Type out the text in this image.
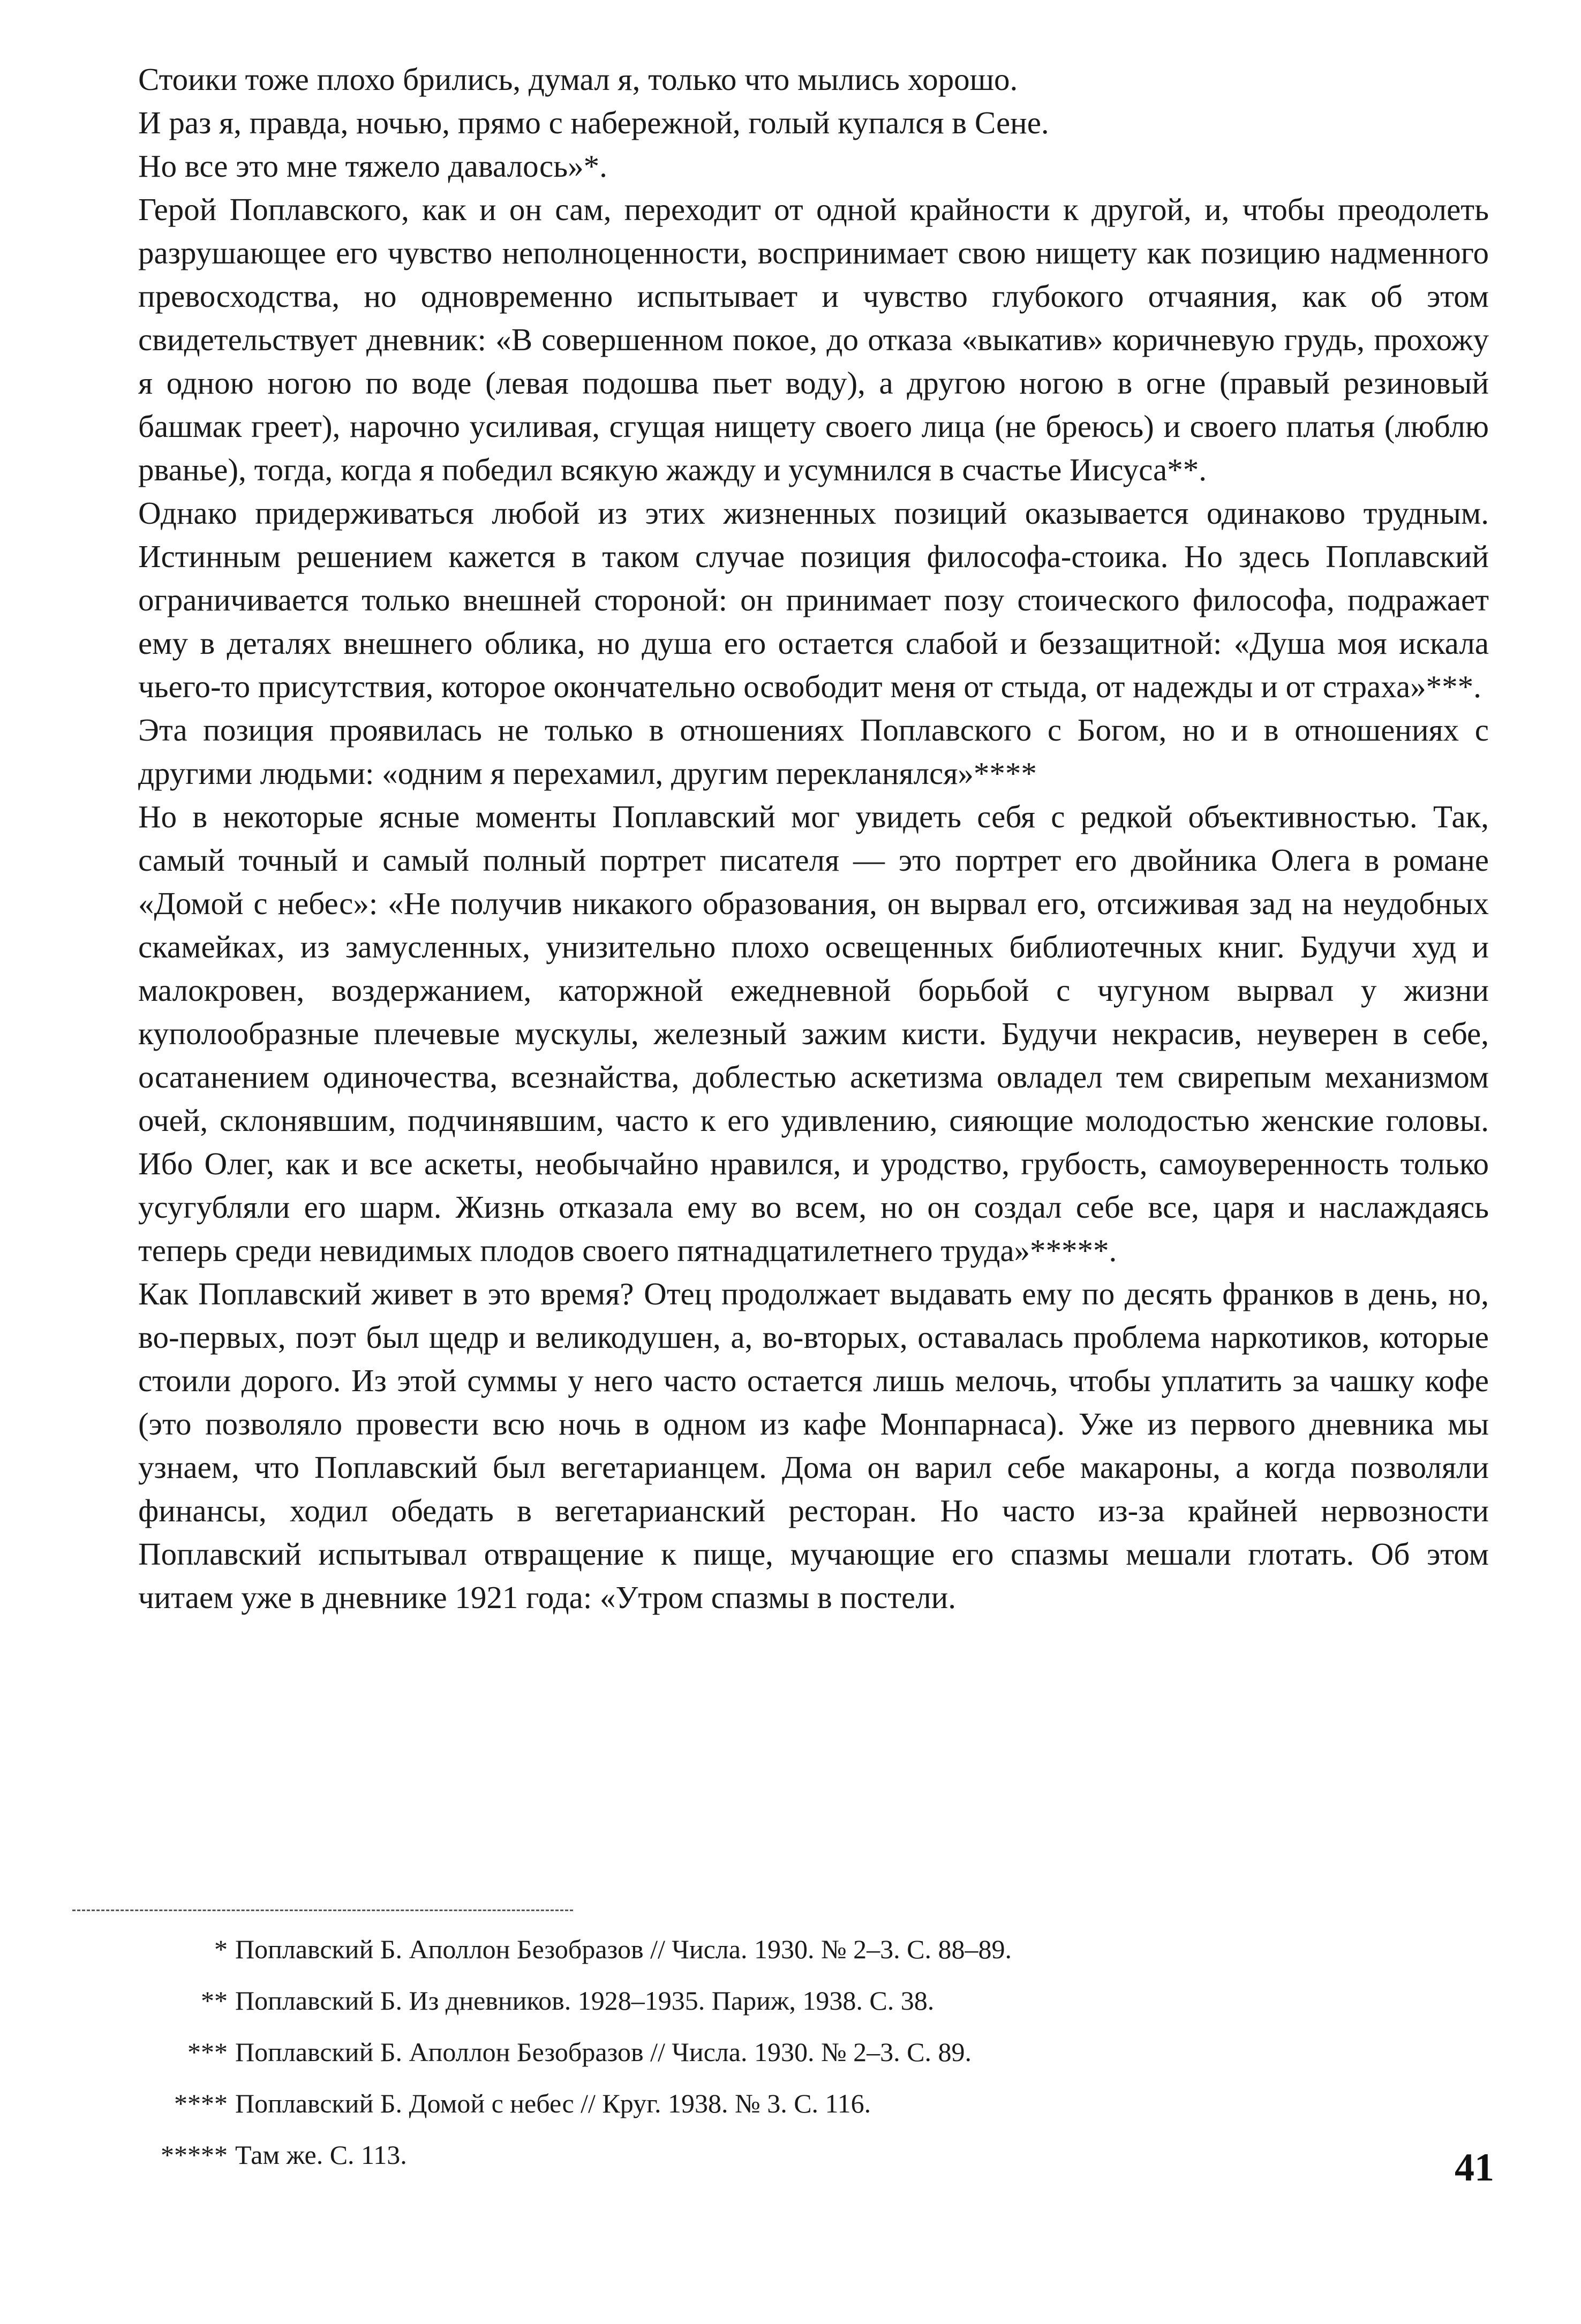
Стоики тоже плохо брились, думал я, только что мылись хорошо.

И раз я, правда, ночью, прямо с набережной, голый купался в Сене.

Но все это мне тяжело давалось»*.

Герой Поплавского, как и он сам, переходит от одной крайности к другой, и, чтобы преодолеть разрушающее его чувство неполноценности, воспринимает свою нищету как позицию надменного превосходства, но одновременно испытывает и чувство глубокого отчаяния, как об этом свидетельствует дневник: «В совершенном покое, до отказа «выкатив» коричневую грудь, прохожу я одною ногою по воде (левая подошва пьет воду), а другою ногою в огне (правый резиновый башмак греет), нарочно усиливая, сгущая нищету своего лица (не бреюсь) и своего платья (люблю рванье), тогда, когда я победил всякую жажду и усумнился в счастье Иисуса**.

Однако придерживаться любой из этих жизненных позиций оказывается одинаково трудным. Истинным решением кажется в таком случае позиция философа-стоика. Но здесь Поплавский ограничивается только внешней стороной: он принимает позу стоического философа, подражает ему в деталях внешнего облика, но душа его остается слабой и беззащитной: «Душа моя искала чьего-то присутствия, которое окончательно освободит меня от стыда, от надежды и от страха»***.

Эта позиция проявилась не только в отношениях Поплавского с Богом, но и в отношениях с другими людьми: «одним я перехамил, другим перекланялся»****

Но в некоторые ясные моменты Поплавский мог увидеть себя с редкой объективностью. Так, самый точный и самый полный портрет писателя — это портрет его двойника Олега в романе «Домой с небес»: «Не получив никакого образования, он вырвал его, отсиживая зад на неудобных скамейках, из замусленных, унизительно плохо освещенных библиотечных книг. Будучи худ и малокровен, воздержанием, каторжной ежедневной борьбой с чугуном вырвал у жизни куполообразные плечевые мускулы, железный зажим кисти. Будучи некрасив, неуверен в себе, осатанением одиночества, всезнайства, доблестью аскетизма овладел тем свирепым механизмом очей, склонявшим, подчинявшим, часто к его удивлению, сияющие молодостью женские головы. Ибо Олег, как и все аскеты, необычайно нравился, и уродство, грубость, самоуверенность только усугубляли его шарм. Жизнь отказала ему во всем, но он создал себе все, царя и наслаждаясь теперь среди невидимых плодов своего пятнадцатилетнего труда»*****.

Как Поплавский живет в это время? Отец продолжает выдавать ему по десять франков в день, но, во-первых, поэт был щедр и великодушен, а, во-вторых, оставалась проблема наркотиков, которые стоили дорого. Из этой суммы у него часто остается лишь мелочь, чтобы уплатить за чашку кофе (это позволяло провести всю ночь в одном из кафе Монпарнаса). Уже из первого дневника мы узнаем, что Поплавский был вегетарианцем. Дома он варил себе макароны, а когда позволяли финансы, ходил обедать в вегетарианский ресторан. Но часто из-за крайней нервозности Поплавский испытывал отвращение к пище, мучающие его спазмы мешали глотать. Об этом читаем уже в дневнике 1921 года: «Утром спазмы в постели.

* Поплавский Б. Аполлон Безобразов // Числа. 1930. № 2–3. С. 88–89.

** Поплавский Б. Из дневников. 1928–1935. Париж, 1938. С. 38.

*** Поплавский Б. Аполлон Безобразов // Числа. 1930. № 2–3. С. 89.

**** Поплавский Б. Домой с небес // Круг. 1938. № 3. С. 116.

***** Там же. С. 113.	41
